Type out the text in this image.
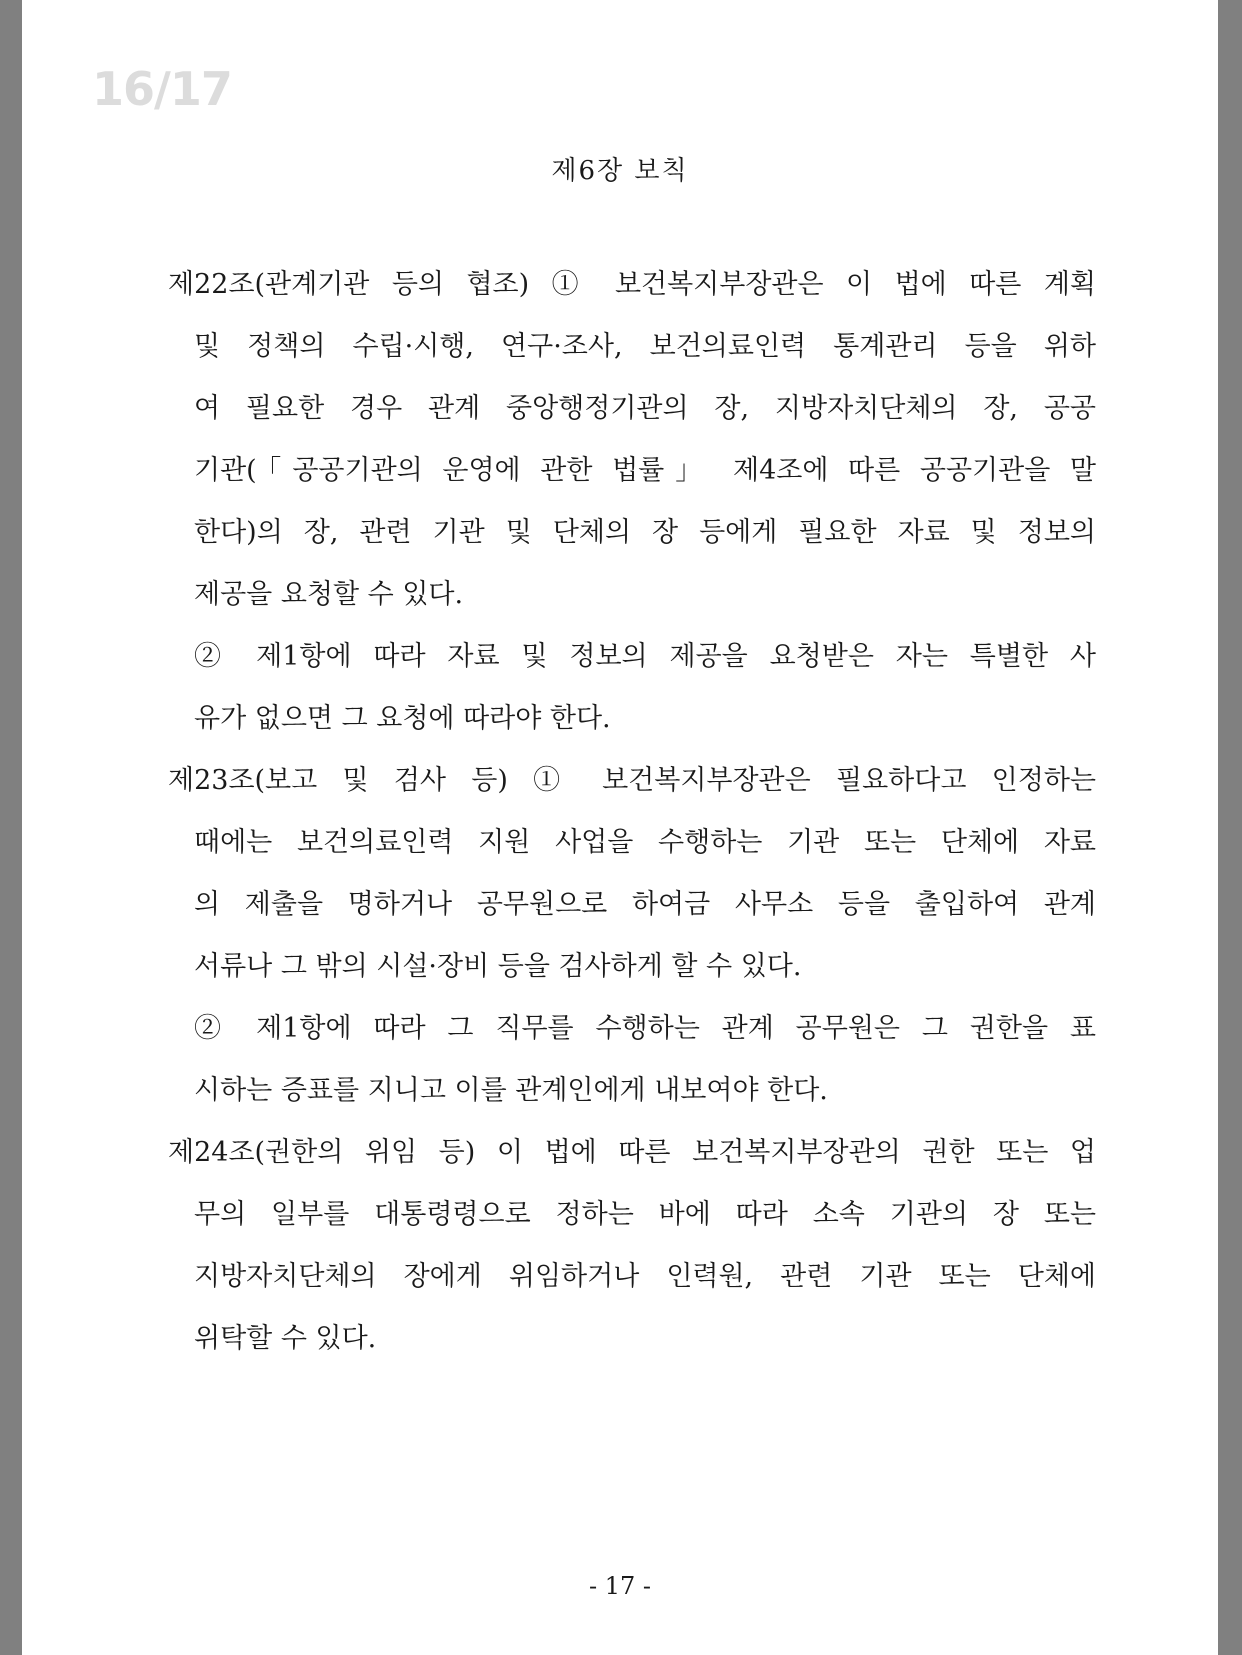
16/17
제6장 보칙
제22조(관계기관 등의 협조) ① 보건복지부장관은 이 법에 따른 계획
및 정책의 수립·시행, 연구·조사, 보건의료인력 통계관리 등을 위하
여 필요한 경우 관계 중앙행정기관의 장, 지방자치단체의 장, 공공
기관(「공공기관의 운영에 관한 법률」 제4조에 따른 공공기관을 말
한다)의 장, 관련 기관 및 단체의 장 등에게 필요한 자료 및 정보의
제공을 요청할 수 있다.
② 제1항에 따라 자료 및 정보의 제공을 요청받은 자는 특별한 사
유가 없으면 그 요청에 따라야 한다.
제23조(보고 및 검사 등) ① 보건복지부장관은 필요하다고 인정하는
때에는 보건의료인력 지원 사업을 수행하는 기관 또는 단체에 자료
의 제출을 명하거나 공무원으로 하여금 사무소 등을 출입하여 관계
서류나 그 밖의 시설·장비 등을 검사하게 할 수 있다.
② 제1항에 따라 그 직무를 수행하는 관계 공무원은 그 권한을 표
시하는 증표를 지니고 이를 관계인에게 내보여야 한다.
제24조(권한의 위임 등) 이 법에 따른 보건복지부장관의 권한 또는 업
무의 일부를 대통령령으로 정하는 바에 따라 소속 기관의 장 또는
지방자치단체의 장에게 위임하거나 인력원, 관련 기관 또는 단체에
위탁할 수 있다.
- 17 -
